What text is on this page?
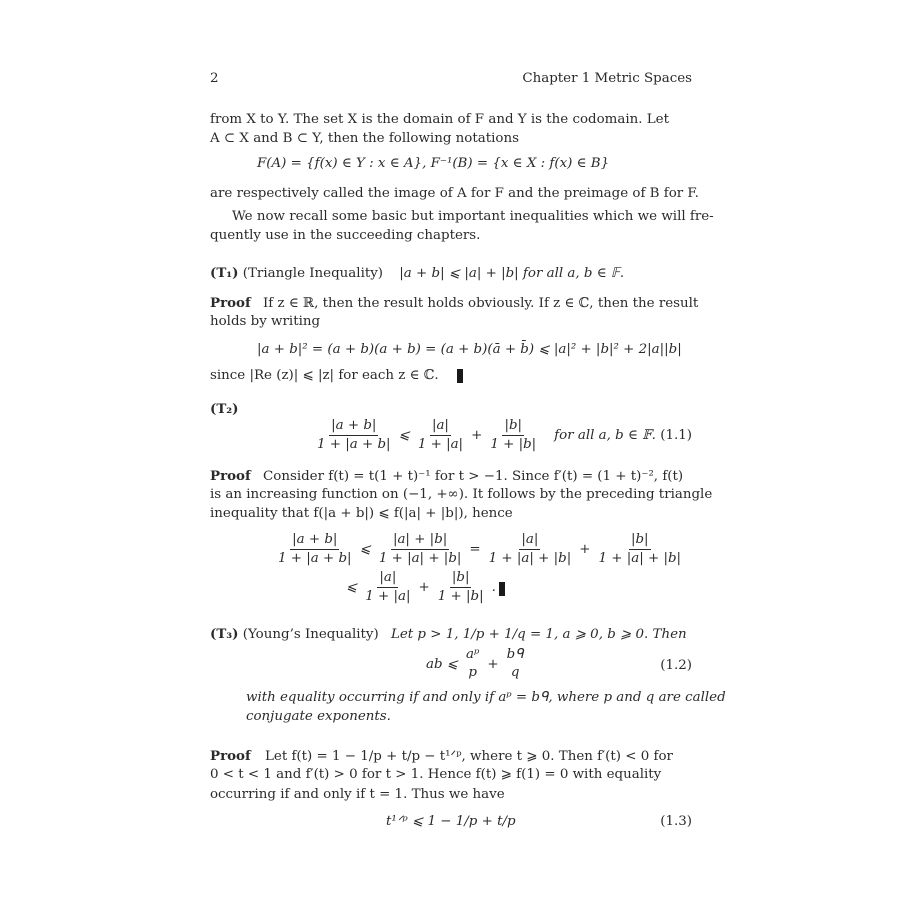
2	Chapter 1 Metric Spaces
from X to Y. The set X is the domain of F and Y is the codomain. Let
A ⊂ X and B ⊂ Y, then the following notations
F(A) = {f(x) ∈ Y : x ∈ A}, F⁻¹(B) = {x ∈ X : f(x) ∈ B}
are respectively called the image of A for F and the preimage of B for F.
We now recall some basic but important inequalities which we will fre-
quently use in the succeeding chapters.
(T₁) (Triangle Inequality) |a + b| ⩽ |a| + |b| for all a, b ∈ 𝔽.
Proof If z ∈ ℝ, then the result holds obviously. If z ∈ ℂ, then the result
holds by writing
|a + b|² = (a + b)(a + b) = (a + b)(ā + b̄) ⩽ |a|² + |b|² + 2|a||b|
since |Re (z)| ⩽ |z| for each z ∈ ℂ.
(T₂)
$\frac{|a + b|}{1 + |a + b|}$ ⩽ $\frac{|a|}{1 + |a|} + \frac{|b|}{1 + |b|}$ for all a, b ∈ 𝔽. (1.1)
Proof Consider f(t) = t(1 + t)⁻¹ for t > −1. Since f′(t) = (1 + t)⁻², f(t)
is an increasing function on (−1, +∞). It follows by the preceding triangle
inequality that f(|a + b|) ⩽ f(|a| + |b|), hence
$\frac{|a + b|}{1 + |a + b|}$ ⩽ $\frac{|a| + |b|}{1 + |a| + |b|} = \frac{|a|}{1 + |a| + |b|} + \frac{|b|}{1 + |a| + |b|}$
⩽ $\frac{|a|}{1 + |a|} + \frac{|b|}{1 + |b|}$ .
(T₃) (Young’s Inequality) Let p > 1, 1/p + 1/q = 1, a ⩾ 0, b ⩾ 0. Then
ab ⩽
aᵖ
p
+
bᑫ
q	(1.2)
with equality occurring if and only if aᵖ = bᑫ, where p and q are called
conjugate exponents.
Proof Let f(t) = 1 − 1/p + t/p − t¹ᐟᵖ, where t ⩾ 0. Then f′(t) < 0 for
0 < t < 1 and f′(t) > 0 for t > 1. Hence f(t) ⩾ f(1) = 0 with equality
occurring if and only if t = 1. Thus we have
t¹ᐟᵖ ⩽ 1 − 1/p + t/p	(1.3)
